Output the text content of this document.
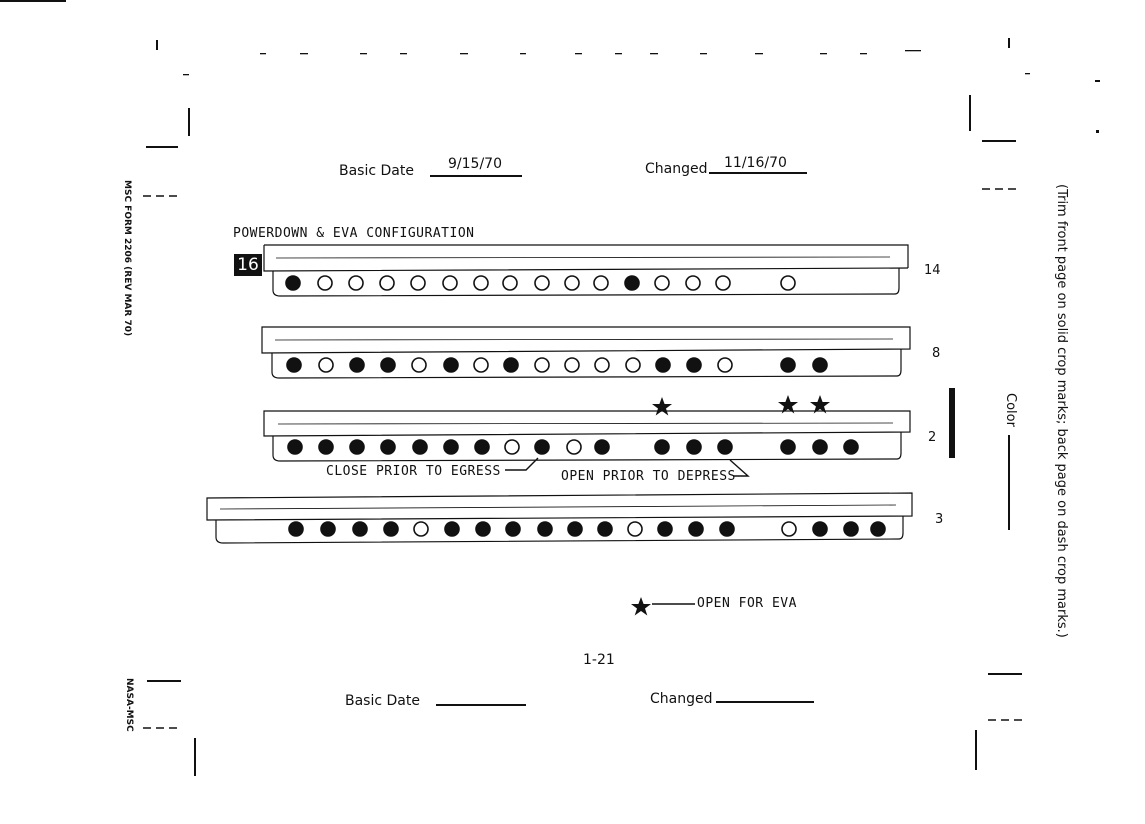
Basic Date 9/15/70	Changed 11/16/70
MSC FORM 2206 (REV MAR 70)
NASA-MSC
(Trim front page on solid crop marks; back page on dash crop marks.)
Color
POWERDOWN & EVA CONFIGURATION
16	14
8
2
3
CLOSE PRIOR TO EGRESS	OPEN PRIOR TO DEPRESS
OPEN FOR EVA
1-21
Basic Date	Changed
